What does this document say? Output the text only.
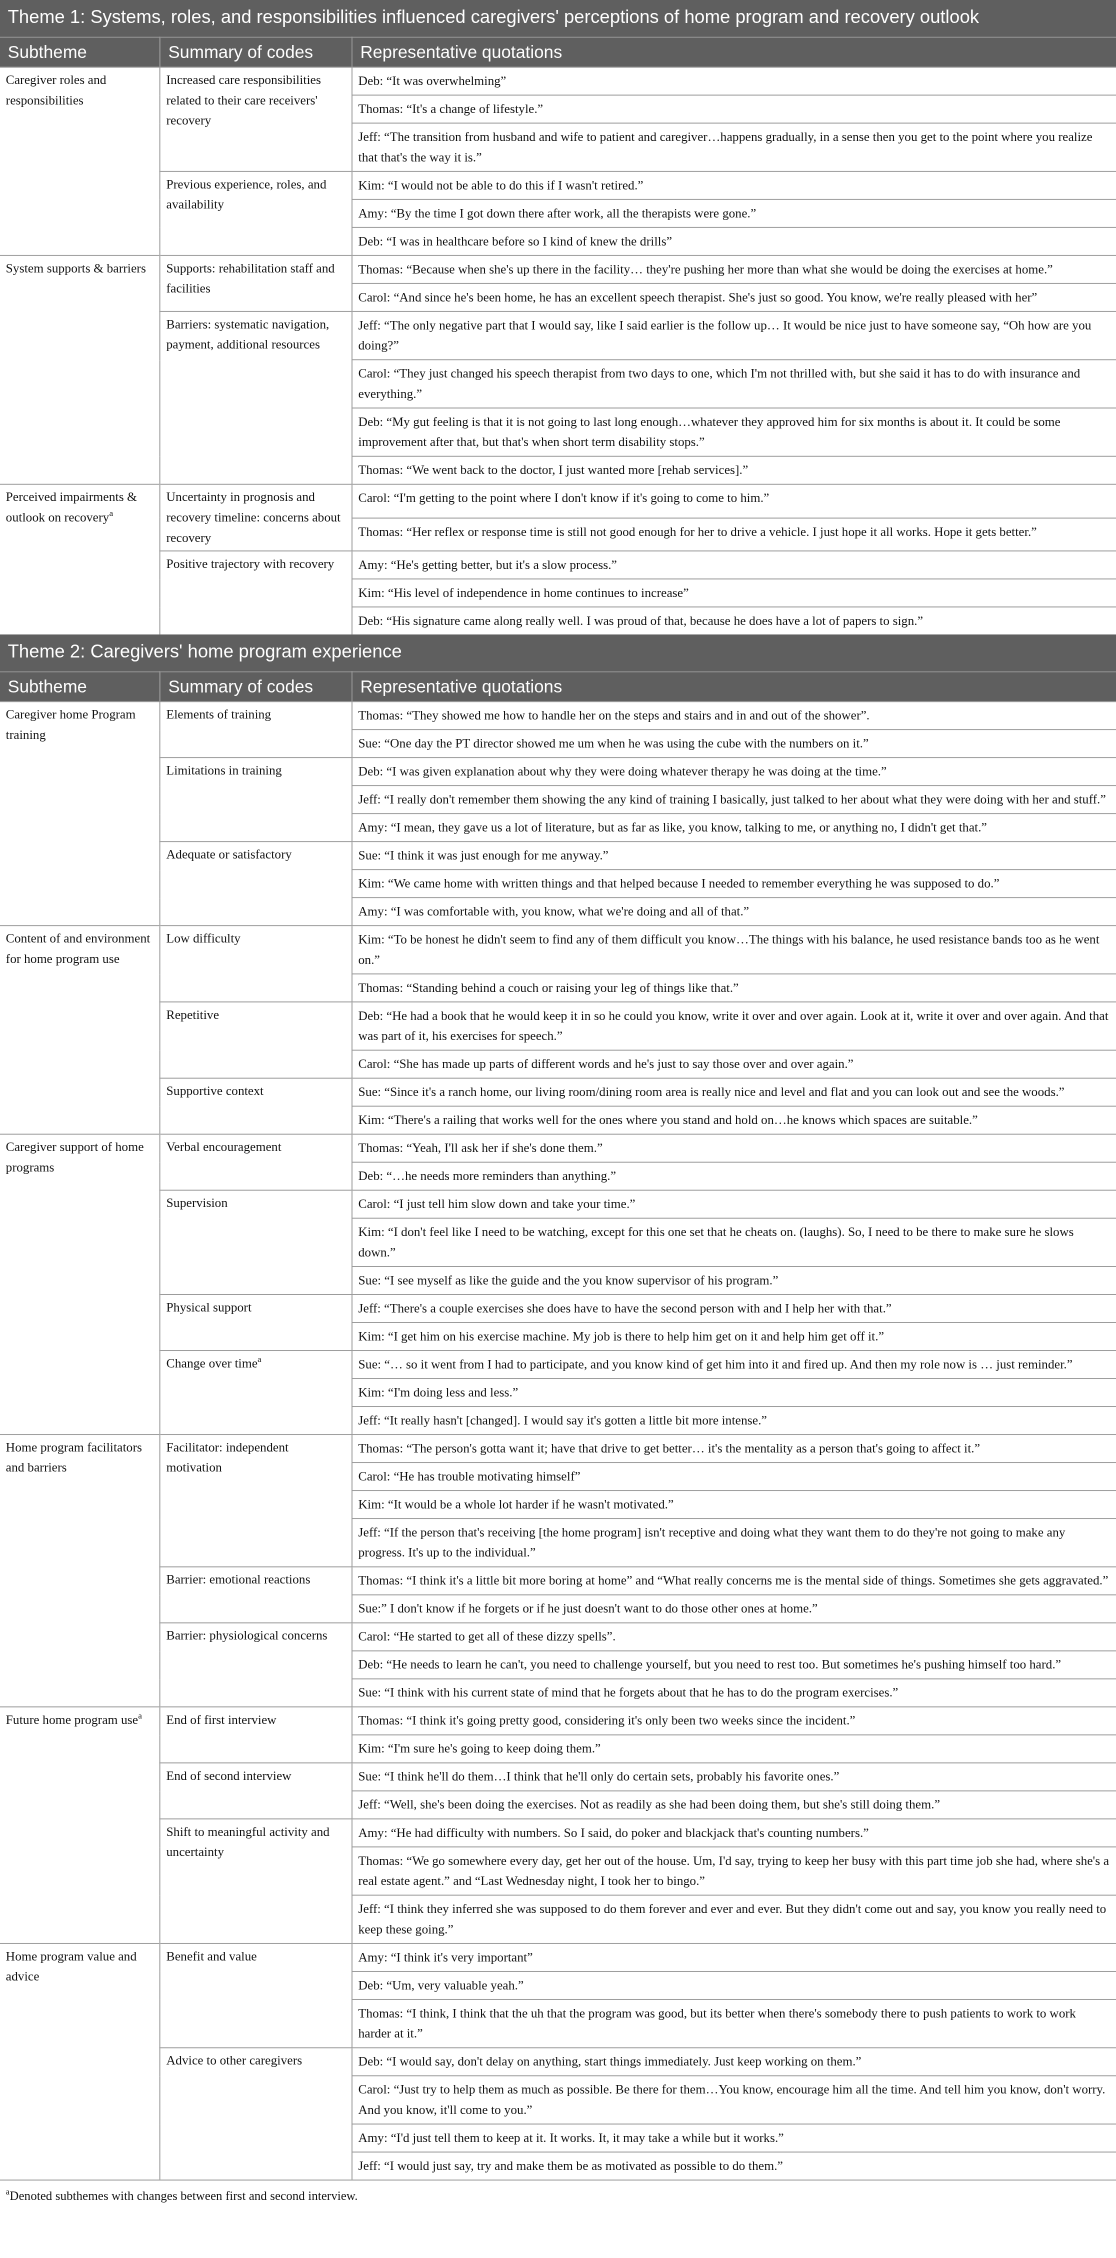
Theme 1: Systems, roles, and responsibilities influenced caregivers' perceptions of home program and recovery outlook		
Subtheme	Summary of codes	Representative quotations
Caregiver roles and responsibilities	Increased care responsibilities related to their care receivers' recovery	Deb: “It was overwhelming”
		Thomas: “It's a change of lifestyle.”
		Jeff: “The transition from husband and wife to patient and caregiver…happens gradually, in a sense then you get to the point where you realize that that's the way it is.”
	Previous experience, roles, and availability	Kim: “I would not be able to do this if I wasn't retired.”
		Amy: “By the time I got down there after work, all the therapists were gone.”
		Deb: “I was in healthcare before so I kind of knew the drills”
System supports & barriers	Supports: rehabilitation staff and facilities	Thomas: “Because when she's up there in the facility… they're pushing her more than what she would be doing the exercises at home.”
		Carol: “And since he's been home, he has an excellent speech therapist. She's just so good. You know, we're really pleased with her”
	Barriers: systematic navigation, payment, additional resources	Jeff: “The only negative part that I would say, like I said earlier is the follow up… It would be nice just to have someone say, “Oh how are you doing?”
		Carol: “They just changed his speech therapist from two days to one, which I'm not thrilled with, but she said it has to do with insurance and everything.”
		Deb: “My gut feeling is that it is not going to last long enough…whatever they approved him for six months is about it. It could be some improvement after that, but that's when short term disability stops.”
		Thomas: “We went back to the doctor, I just wanted more [rehab services].”
Perceived impairments & outlook on recovery$^a$	Uncertainty in prognosis and recovery timeline: concerns about recovery	Carol: “I'm getting to the point where I don't know if it's going to come to him.”
		Thomas: “Her reflex or response time is still not good enough for her to drive a vehicle. I just hope it all works. Hope it gets better.”
	Positive trajectory with recovery	Amy: “He's getting better, but it's a slow process.”
		Kim: “His level of independence in home continues to increase”
		Deb: “His signature came along really well. I was proud of that, because he does have a lot of papers to sign.”
Theme 2: Caregivers' home program experience		
Subtheme	Summary of codes	Representative quotations
Caregiver home Program training	Elements of training	Thomas: “They showed me how to handle her on the steps and stairs and in and out of the shower”.
		Sue: “One day the PT director showed me um when he was using the cube with the numbers on it.”
	Limitations in training	Deb: “I was given explanation about why they were doing whatever therapy he was doing at the time.”
		Jeff: “I really don't remember them showing the any kind of training I basically, just talked to her about what they were doing with her and stuff.”
		Amy: “I mean, they gave us a lot of literature, but as far as like, you know, talking to me, or anything no, I didn't get that.”
	Adequate or satisfactory	Sue: “I think it was just enough for me anyway.”
		Kim: “We came home with written things and that helped because I needed to remember everything he was supposed to do.”
		Amy: “I was comfortable with, you know, what we're doing and all of that.”
Content of and environment for home program use	Low difficulty	Kim: “To be honest he didn't seem to find any of them difficult you know…The things with his balance, he used resistance bands too as he went on.”
		Thomas: “Standing behind a couch or raising your leg of things like that.”
	Repetitive	Deb: “He had a book that he would keep it in so he could you know, write it over and over again. Look at it, write it over and over again. And that was part of it, his exercises for speech.”
		Carol: “She has made up parts of different words and he's just to say those over and over again.”
	Supportive context	Sue: “Since it's a ranch home, our living room/dining room area is really nice and level and flat and you can look out and see the woods.”
		Kim: “There's a railing that works well for the ones where you stand and hold on…he knows which spaces are suitable.”
Caregiver support of home programs	Verbal encouragement	Thomas: “Yeah, I'll ask her if she's done them.”
		Deb: “…he needs more reminders than anything.”
	Supervision	Carol: “I just tell him slow down and take your time.”
		Kim: “I don't feel like I need to be watching, except for this one set that he cheats on. (laughs). So, I need to be there to make sure he slows down.”
		Sue: “I see myself as like the guide and the you know supervisor of his program.”
	Physical support	Jeff: “There's a couple exercises she does have to have the second person with and I help her with that.”
		Kim: “I get him on his exercise machine. My job is there to help him get on it and help him get off it.”
	Change over time$^a$	Sue: “… so it went from I had to participate, and you know kind of get him into it and fired up. And then my role now is … just reminder.”
		Kim: “I'm doing less and less.”
		Jeff: “It really hasn't [changed]. I would say it's gotten a little bit more intense.”
Home program facilitators and barriers	Facilitator: independent motivation	Thomas: “The person's gotta want it; have that drive to get better… it's the mentality as a person that's going to affect it.”
		Carol: “He has trouble motivating himself”
		Kim: “It would be a whole lot harder if he wasn't motivated.”
		Jeff: “If the person that's receiving [the home program] isn't receptive and doing what they want them to do they're not going to make any progress. It's up to the individual.”
	Barrier: emotional reactions	Thomas: “I think it's a little bit more boring at home” and “What really concerns me is the mental side of things. Sometimes she gets aggravated.”
		Sue:” I don't know if he forgets or if he just doesn't want to do those other ones at home.”
	Barrier: physiological concerns	Carol: “He started to get all of these dizzy spells”.
		Deb: “He needs to learn he can't, you need to challenge yourself, but you need to rest too. But sometimes he's pushing himself too hard.”
		Sue: “I think with his current state of mind that he forgets about that he has to do the program exercises.”
Future home program use$^a$	End of first interview	Thomas: “I think it's going pretty good, considering it's only been two weeks since the incident.”
		Kim: “I'm sure he's going to keep doing them.”
	End of second interview	Sue: “I think he'll do them…I think that he'll only do certain sets, probably his favorite ones.”
		Jeff: “Well, she's been doing the exercises. Not as readily as she had been doing them, but she's still doing them.”
	Shift to meaningful activity and uncertainty	Amy: “He had difficulty with numbers. So I said, do poker and blackjack that's counting numbers.”
		Thomas: “We go somewhere every day, get her out of the house. Um, I'd say, trying to keep her busy with this part time job she had, where she's a real estate agent.” and “Last Wednesday night, I took her to bingo.”
		Jeff: “I think they inferred she was supposed to do them forever and ever and ever. But they didn't come out and say, you know you really need to keep these going.”
Home program value and advice	Benefit and value	Amy: “I think it's very important”
		Deb: “Um, very valuable yeah.”
		Thomas: “I think, I think that the uh that the program was good, but its better when there's somebody there to push patients to work to work harder at it.”
	Advice to other caregivers	Deb: “I would say, don't delay on anything, start things immediately. Just keep working on them.”
		Carol: “Just try to help them as much as possible. Be there for them…You know, encourage him all the time. And tell him you know, don't worry. And you know, it'll come to you.”
		Amy: “I'd just tell them to keep at it. It works. It, it may take a while but it works.”
		Jeff: “I would just say, try and make them be as motivated as possible to do them.”
$^a$Denoted subthemes with changes between first and second interview.
